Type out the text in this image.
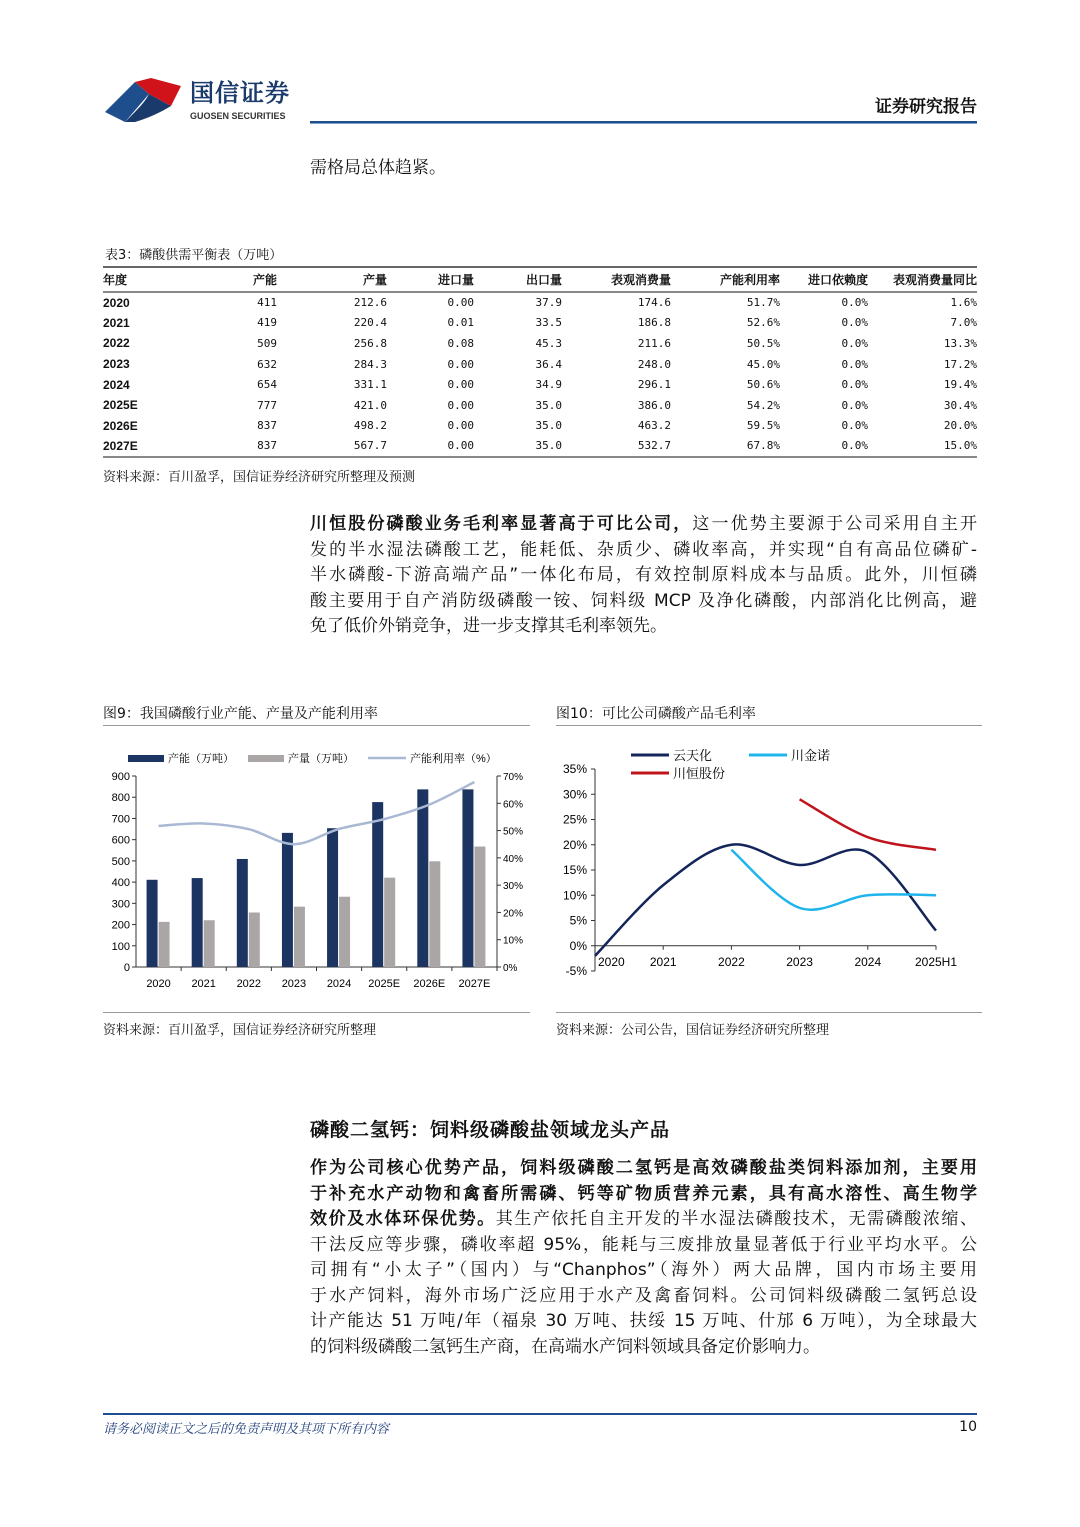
国信证券
GUOSEN SECURITIES	证券研究报告
需格局总体趋紧。
表3：磷酸供需平衡表（万吨）
年度	产能	产量	进口量	出口量	表观消费量	产能利用率	进口依赖度	表观消费量同比
2020	411	212.6	0.00	37.9	174.6	51.7%	0.0%	1.6%
2021	419	220.4	0.01	33.5	186.8	52.6%	0.0%	7.0%
2022	509	256.8	0.08	45.3	211.6	50.5%	0.0%	13.3%
2023	632	284.3	0.00	36.4	248.0	45.0%	0.0%	17.2%
2024	654	331.1	0.00	34.9	296.1	50.6%	0.0%	19.4%
2025E	777	421.0	0.00	35.0	386.0	54.2%	0.0%	30.4%
2026E	837	498.2	0.00	35.0	463.2	59.5%	0.0%	20.0%
2027E	837	567.7	0.00	35.0	532.7	67.8%	0.0%	15.0%
资料来源：百川盈孚，国信证券经济研究所整理及预测
川恒股份磷酸业务毛利率显著高于可比公司，这一优势主要源于公司采用自主开
发的半水湿法磷酸工艺，能耗低、杂质少、磷收率高，并实现“自有高品位磷矿-
半水磷酸-下游高端产品”一体化布局，有效控制原料成本与品质。此外，川恒磷
酸主要用于自产消防级磷酸一铵、饲料级 MCP 及净化磷酸，内部消化比例高，避
免了低价外销竞争，进一步支撑其毛利率领先。
图9：我国磷酸行业产能、产量及产能利用率
0
100
200
300
400
500
600
700
800
900
0%
10%
20%
30%
40%
50%
60%
70%
2020 2021 2022 2023 2024 2025E 2026E 2027E
产能（万吨）	产量（万吨）	产能利用率（%）
资料来源：百川盈孚，国信证券经济研究所整理
图10：可比公司磷酸产品毛利率
-5%
0%
5%
10%
15%
20%
25%
30%
35%
2020 2021	2022	2023	2024	2025H1
云天化	川金诺
川恒股份
资料来源：公司公告，国信证券经济研究所整理
磷酸二氢钙：饲料级磷酸盐领域龙头产品
作为公司核心优势产品，饲料级磷酸二氢钙是高效磷酸盐类饲料添加剂，主要用
于补充水产动物和禽畜所需磷、钙等矿物质营养元素，具有高水溶性、高生物学
效价及水体环保优势。其生产依托自主开发的半水湿法磷酸技术，无需磷酸浓缩、
干法反应等步骤，磷收率超 95%，能耗与三废排放量显著低于行业平均水平。公
司拥有“小太子”（国内）与“Chanphos”（海外）两大品牌，国内市场主要用
于水产饲料，海外市场广泛应用于水产及禽畜饲料。公司饲料级磷酸二氢钙总设
计产能达 51 万吨/年（福泉 30 万吨、扶绥 15 万吨、什邡 6 万吨），为全球最大
的饲料级磷酸二氢钙生产商，在高端水产饲料领域具备定价影响力。
请务必阅读正文之后的免责声明及其项下所有内容	10
